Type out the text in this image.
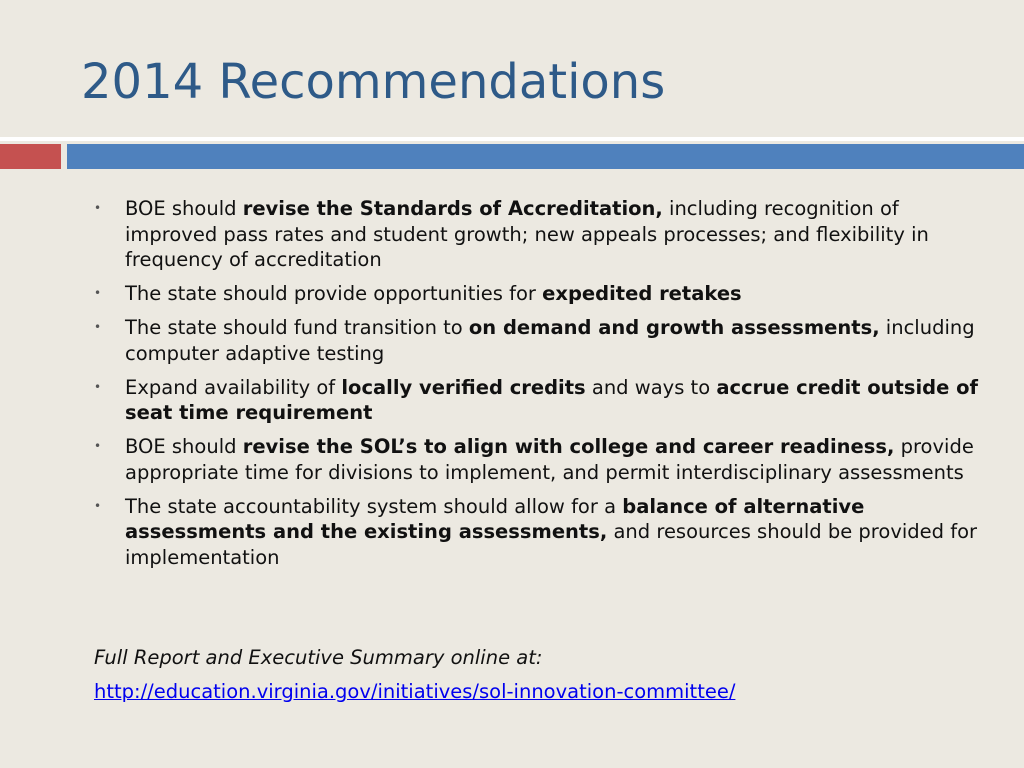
2014 Recommendations
• BOE should revise the Standards of Accreditation, including recognition of improved pass rates and student growth; new appeals processes; and flexibility in frequency of accreditation
• The state should provide opportunities for expedited retakes
• The state should fund transition to on demand and growth assessments, including computer adaptive testing
• Expand availability of locally verified credits and ways to accrue credit outside of seat time requirement
• BOE should revise the SOL’s to align with college and career readiness, provide appropriate time for divisions to implement, and permit interdisciplinary assessments
• The state accountability system should allow for a balance of alternative assessments and the existing assessments, and resources should be provided for implementation
Full Report and Executive Summary online at:
http://education.virginia.gov/initiatives/sol-innovation-committee/
